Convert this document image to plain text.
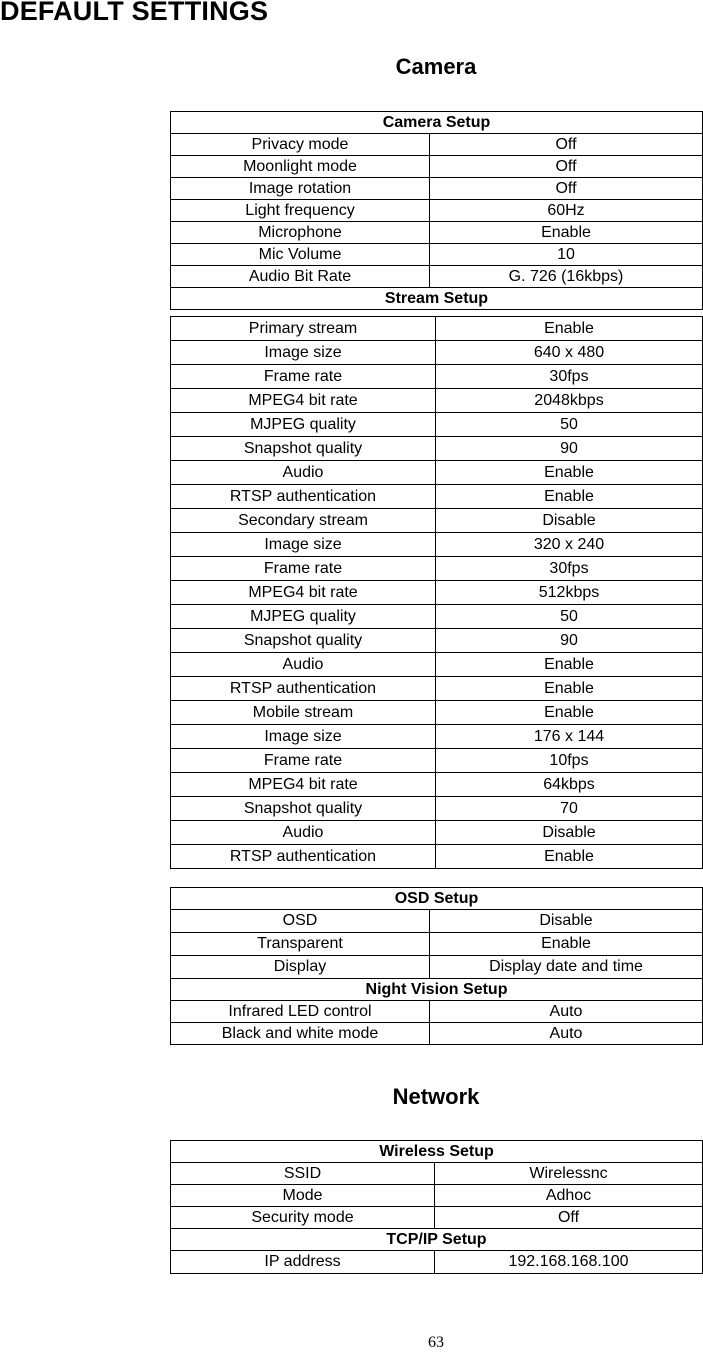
DEFAULT SETTINGS
Camera
Camera Setup	
Privacy mode	Off
Moonlight mode	Off
Image rotation	Off
Light frequency	60Hz
Microphone	Enable
Mic Volume	10
Audio Bit Rate	G. 726 (16kbps)
Stream Setup	
Primary stream	Enable
Image size	640 x 480
Frame rate	30fps
MPEG4 bit rate	2048kbps
MJPEG quality	50
Snapshot quality	90
Audio	Enable
RTSP authentication	Enable
Secondary stream	Disable
Image size	320 x 240
Frame rate	30fps
MPEG4 bit rate	512kbps
MJPEG quality	50
Snapshot quality	90
Audio	Enable
RTSP authentication	Enable
Mobile stream	Enable
Image size	176 x 144
Frame rate	10fps
MPEG4 bit rate	64kbps
Snapshot quality	70
Audio	Disable
RTSP authentication	Enable
OSD Setup	
OSD	Disable
Transparent	Enable
Display	Display date and time
Night Vision Setup	
Infrared LED control	Auto
Black and white mode	Auto
Network
Wireless Setup	
SSID	Wirelessnc
Mode	Adhoc
Security mode	Off
TCP/IP Setup	
IP address	192.168.168.100
63
